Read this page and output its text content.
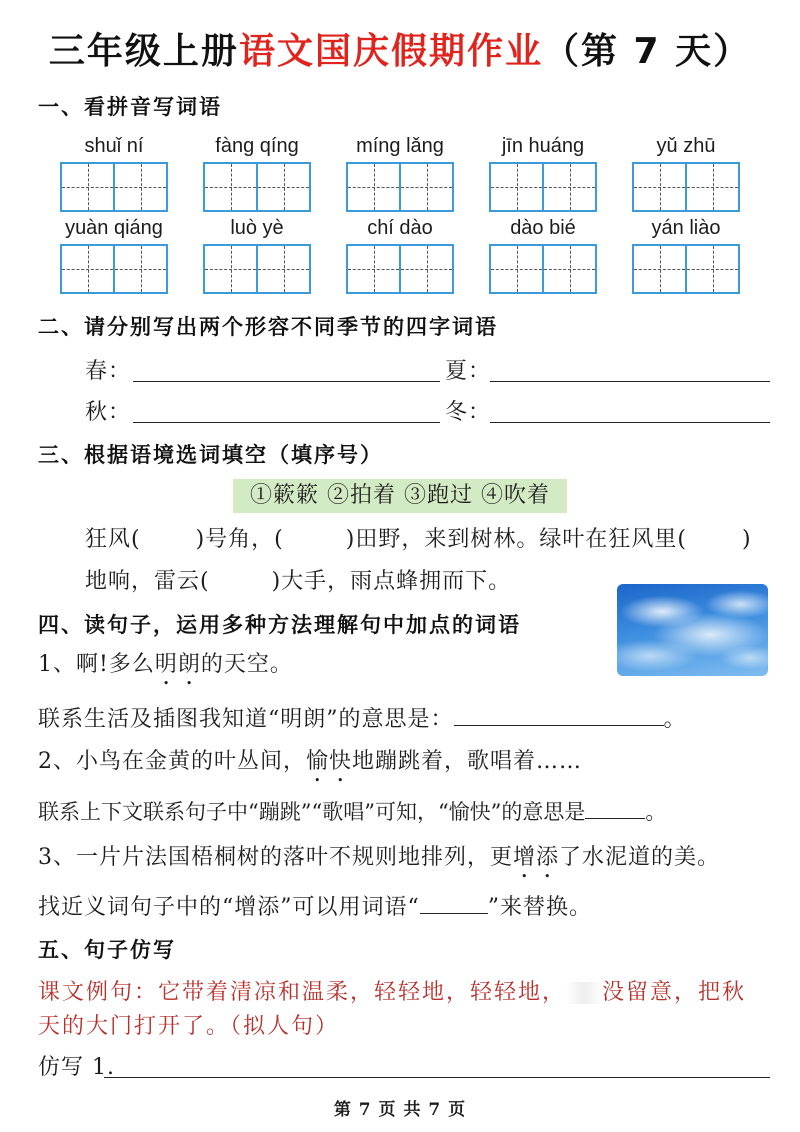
三年级上册语文国庆假期作业（第 7 天）
一、看拼音写词语
shuǐ ní	fàng qíng	míng lǎng	jīn huáng	yǔ zhū
yuàn qiáng	luò yè	chí dào	dào bié	yán liào
二、请分别写出两个形容不同季节的四字词语
春：	夏：
秋：	冬：
三、根据语境选词填空（填序号）
①簌簌 ②拍着 ③跑过 ④吹着
狂风(	)号角，(	)田野，来到树林。绿叶在狂风里(	)
地响，雷云(	)大手，雨点蜂拥而下。
四、读句子，运用多种方法理解句中加点的词语
1、啊!多么明朗的天空。
联系生活及插图我知道“明朗”的意思是：	。
2、小鸟在金黄的叶丛间，愉快地蹦跳着，歌唱着……
联系上下文联系句子中“蹦跳”“歌唱”可知，“愉快”的意思是	。
3、一片片法国梧桐树的落叶不规则地排列，更增添了水泥道的美。
找近义词句子中的“增添”可以用词语“	”来替换。
五、句子仿写
课文例句：它带着清凉和温柔，轻轻地，轻轻地， 没留意，把秋
天的大门打开了。（拟人句）
仿写 1.
第 7 页 共 7 页
